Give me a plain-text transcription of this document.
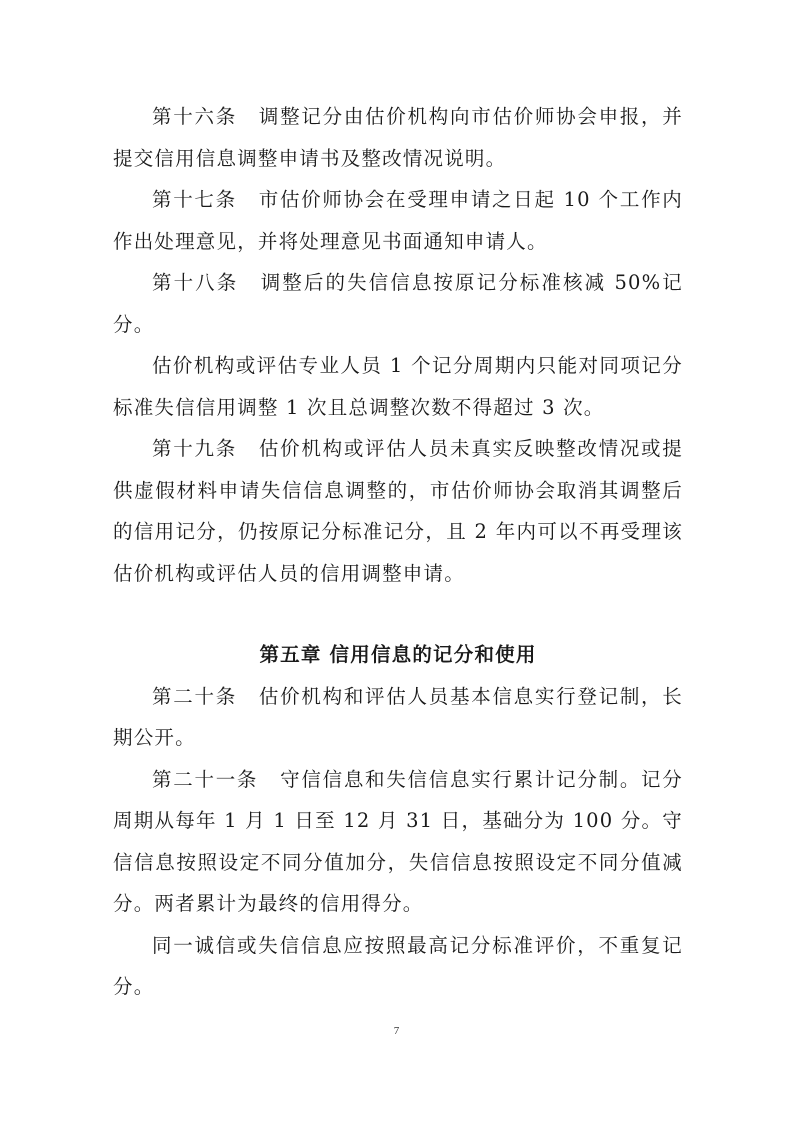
第十六条 调整记分由估价机构向市估价师协会申报，并提交信用信息调整申请书及整改情况说明。

第十七条 市估价师协会在受理申请之日起 10 个工作内作出处理意见，并将处理意见书面通知申请人。

第十八条 调整后的失信信息按原记分标准核减 50%记分。

估价机构或评估专业人员 1 个记分周期内只能对同项记分标准失信信用调整 1 次且总调整次数不得超过 3 次。

第十九条 估价机构或评估人员未真实反映整改情况或提供虚假材料申请失信信息调整的，市估价师协会取消其调整后的信用记分，仍按原记分标准记分，且 2 年内可以不再受理该估价机构或评估人员的信用调整申请。

第五章 信用信息的记分和使用

第二十条 估价机构和评估人员基本信息实行登记制，长期公开。

第二十一条 守信信息和失信信息实行累计记分制。记分周期从每年 1 月 1 日至 12 月 31 日，基础分为 100 分。守信信息按照设定不同分值加分，失信信息按照设定不同分值减分。两者累计为最终的信用得分。

同一诚信或失信信息应按照最高记分标准评价，不重复记分。

7
